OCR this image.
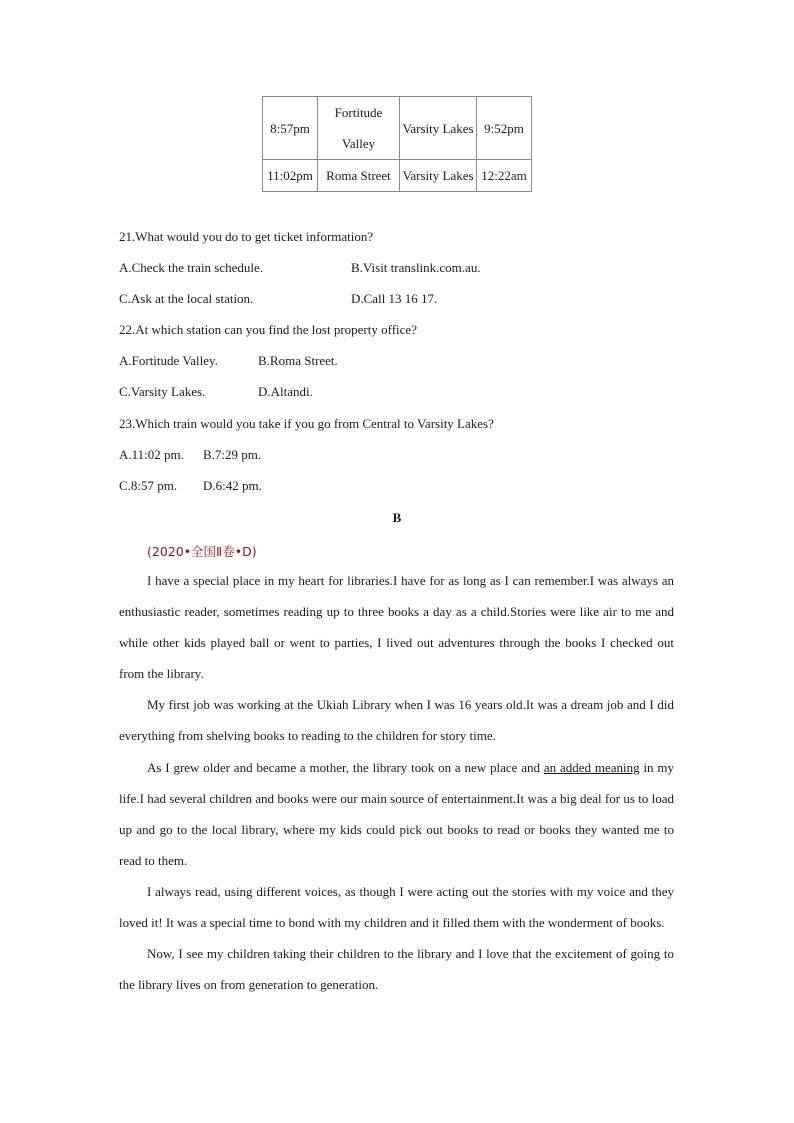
8:57pm	Fortitude Valley	Varsity Lakes	9:52pm
11:02pm	Roma Street	Varsity Lakes	12:22am
21.What would you do to get ticket information?
A.Check the train schedule.	B.Visit translink.com.au.
C.Ask at the local station.	D.Call 13 16 17.
22.At which station can you find the lost property office?
A.Fortitude Valley.	B.Roma Street.
C.Varsity Lakes.	D.Altandi.
23.Which train would you take if you go from Central to Varsity Lakes?
A.11:02 pm. B.7:29 pm.
C.8:57 pm. D.6:42 pm.
B
(2020•全国Ⅱ卷•D)

I have a special place in my heart for libraries.I have for as long as I can remember.I was always an enthusiastic reader, sometimes reading up to three books a day as a child.Stories were like air to me and while other kids played ball or went to parties, I lived out adventures through the books I checked out from the library.

My first job was working at the Ukiah Library when I was 16 years old.It was a dream job and I did everything from shelving books to reading to the children for story time.

As I grew older and became a mother, the library took on a new place and an added meaning in my life.I had several children and books were our main source of entertainment.It was a big deal for us to load up and go to the local library, where my kids could pick out books to read or books they wanted me to read to them.

I always read, using different voices, as though I were acting out the stories with my voice and they loved it! It was a special time to bond with my children and it filled them with the wonderment of books.

Now, I see my children taking their children to the library and I love that the excitement of going to the library lives on from generation to generation.
